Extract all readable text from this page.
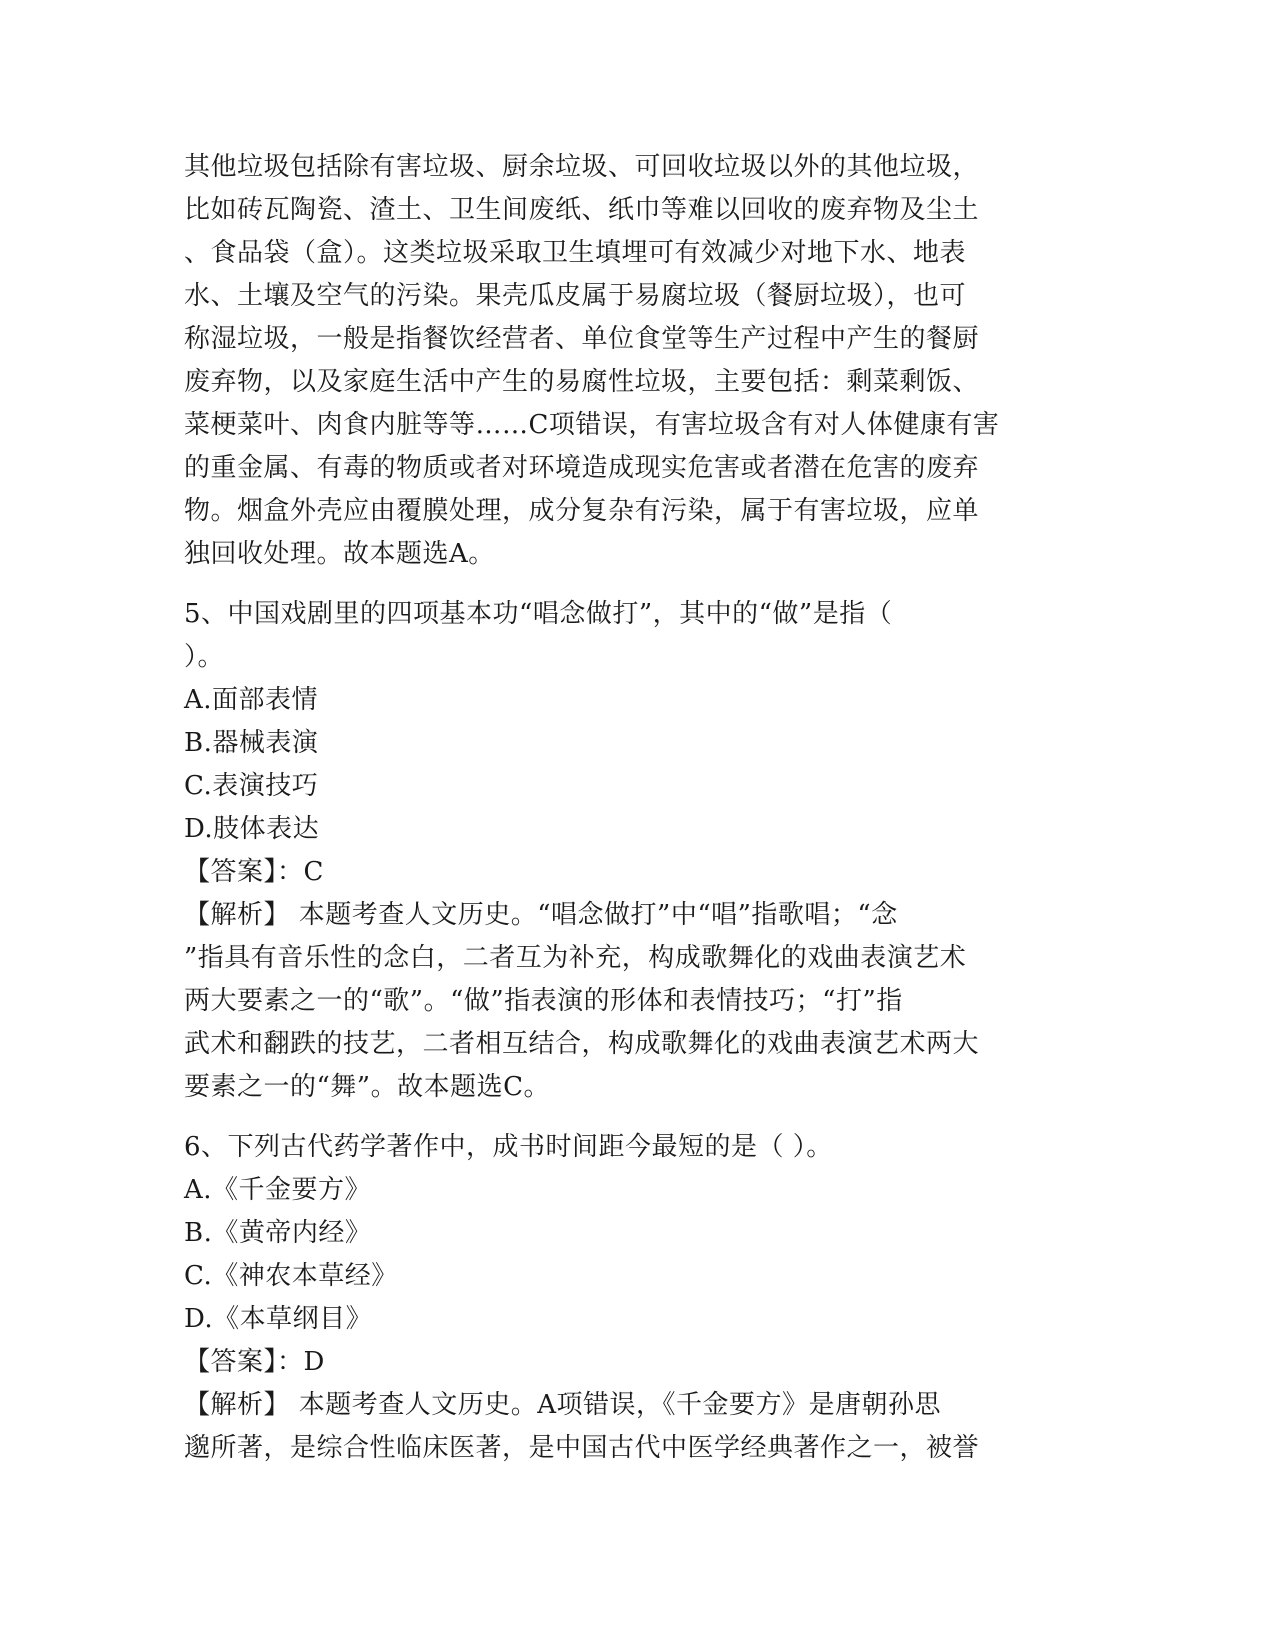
其他垃圾包括除有害垃圾、厨余垃圾、可回收垃圾以外的其他垃圾，
比如砖瓦陶瓷、渣土、卫生间废纸、纸巾等难以回收的废弃物及尘土
、食品袋（盒）。这类垃圾采取卫生填埋可有效减少对地下水、地表
水、土壤及空气的污染。果壳瓜皮属于易腐垃圾（餐厨垃圾），也可
称湿垃圾，一般是指餐饮经营者、单位食堂等生产过程中产生的餐厨
废弃物，以及家庭生活中产生的易腐性垃圾，主要包括：剩菜剩饭、
菜梗菜叶、肉食内脏等等……C项错误，有害垃圾含有对人体健康有害
的重金属、有毒的物质或者对环境造成现实危害或者潜在危害的废弃
物。烟盒外壳应由覆膜处理，成分复杂有污染，属于有害垃圾，应单
独回收处理。故本题选A。
5、中国戏剧里的四项基本功“唱念做打”，其中的“做”是指（
）。
A.面部表情
B.器械表演
C.表演技巧
D.肢体表达
【答案】：C
【解析】 本题考查人文历史。“唱念做打”中“唱”指歌唱；“念
”指具有音乐性的念白，二者互为补充，构成歌舞化的戏曲表演艺术
两大要素之一的“歌”。“做”指表演的形体和表情技巧；“打”指
武术和翻跌的技艺，二者相互结合，构成歌舞化的戏曲表演艺术两大
要素之一的“舞”。故本题选C。
6、下列古代药学著作中，成书时间距今最短的是（ ）。
A.《千金要方》
B.《黄帝内经》
C.《神农本草经》
D.《本草纲目》
【答案】：D
【解析】 本题考查人文历史。A项错误，《千金要方》是唐朝孙思
邈所著，是综合性临床医著，是中国古代中医学经典著作之一，被誉
